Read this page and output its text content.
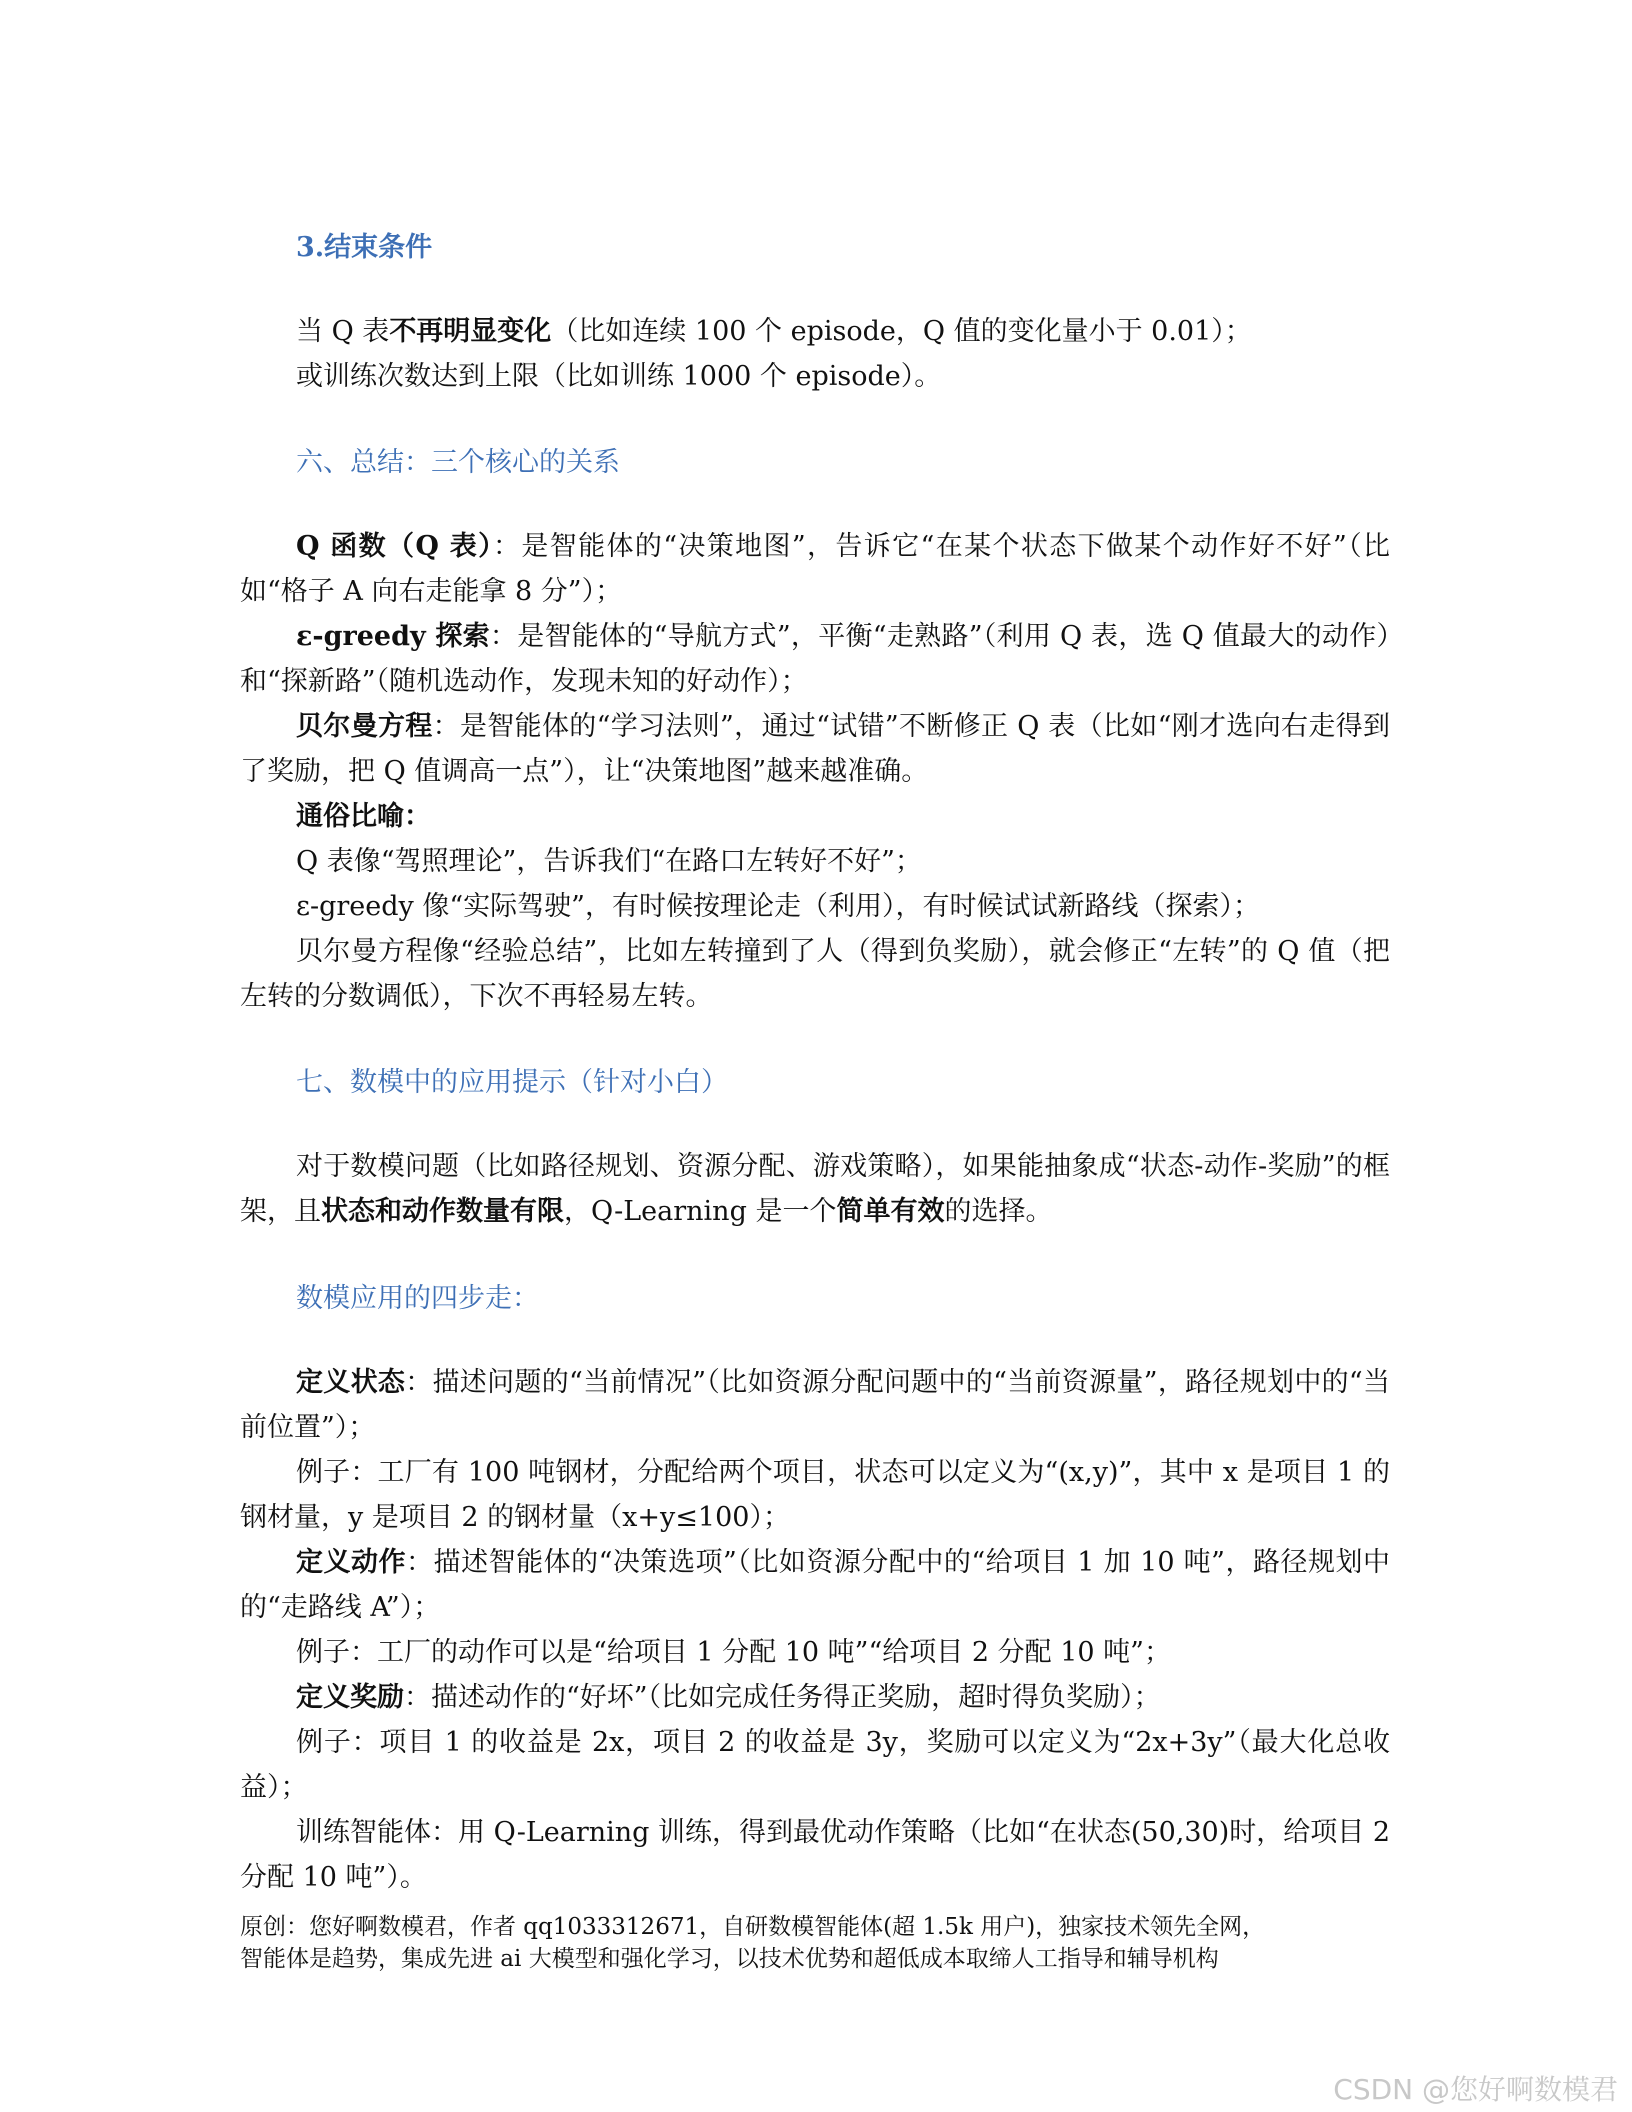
3.结束条件

当 Q 表不再明显变化（比如连续 100 个 episode，Q 值的变化量小于 0.01）；

或训练次数达到上限（比如训练 1000 个 episode）。

六、总结：三个核心的关系

Q 函数（Q 表）：是智能体的“决策地图”，告诉它“在某个状态下做某个动作好不好”（比如“格子 A 向右走能拿 8 分”）；

ε-greedy 探索：是智能体的“导航方式”，平衡“走熟路”（利用 Q 表，选 Q 值最大的动作）和“探新路”（随机选动作，发现未知的好动作）；

贝尔曼方程：是智能体的“学习法则”，通过“试错”不断修正 Q 表（比如“刚才选向右走得到了奖励，把 Q 值调高一点”），让“决策地图”越来越准确。

通俗比喻：

Q 表像“驾照理论”，告诉我们“在路口左转好不好”；

ε-greedy 像“实际驾驶”，有时候按理论走（利用），有时候试试新路线（探索）；

贝尔曼方程像“经验总结”，比如左转撞到了人（得到负奖励），就会修正“左转”的 Q 值（把左转的分数调低），下次不再轻易左转。

七、数模中的应用提示（针对小白）

对于数模问题（比如路径规划、资源分配、游戏策略），如果能抽象成“状态-动作-奖励”的框架，且状态和动作数量有限，Q-Learning 是一个简单有效的选择。

数模应用的四步走：

定义状态：描述问题的“当前情况”（比如资源分配问题中的“当前资源量”，路径规划中的“当前位置”）；

例子：工厂有 100 吨钢材，分配给两个项目，状态可以定义为“(x,y)”，其中 x 是项目 1 的钢材量，y 是项目 2 的钢材量（x+y≤100）；

定义动作：描述智能体的“决策选项”（比如资源分配中的“给项目 1 加 10 吨”，路径规划中的“走路线 A”）；

例子：工厂的动作可以是“给项目 1 分配 10 吨”“给项目 2 分配 10 吨”；

定义奖励：描述动作的“好坏”（比如完成任务得正奖励，超时得负奖励）；

例子：项目 1 的收益是 2x，项目 2 的收益是 3y，奖励可以定义为“2x+3y”（最大化总收益）；

训练智能体：用 Q-Learning 训练，得到最优动作策略（比如“在状态(50,30)时，给项目 2 分配 10 吨”）。

原创：您好啊数模君，作者 qq1033312671，自研数模智能体(超 1.5k 用户)，独家技术领先全网，

智能体是趋势，集成先进 ai 大模型和强化学习，以技术优势和超低成本取缔人工指导和辅导机构

CSDN @您好啊数模君
